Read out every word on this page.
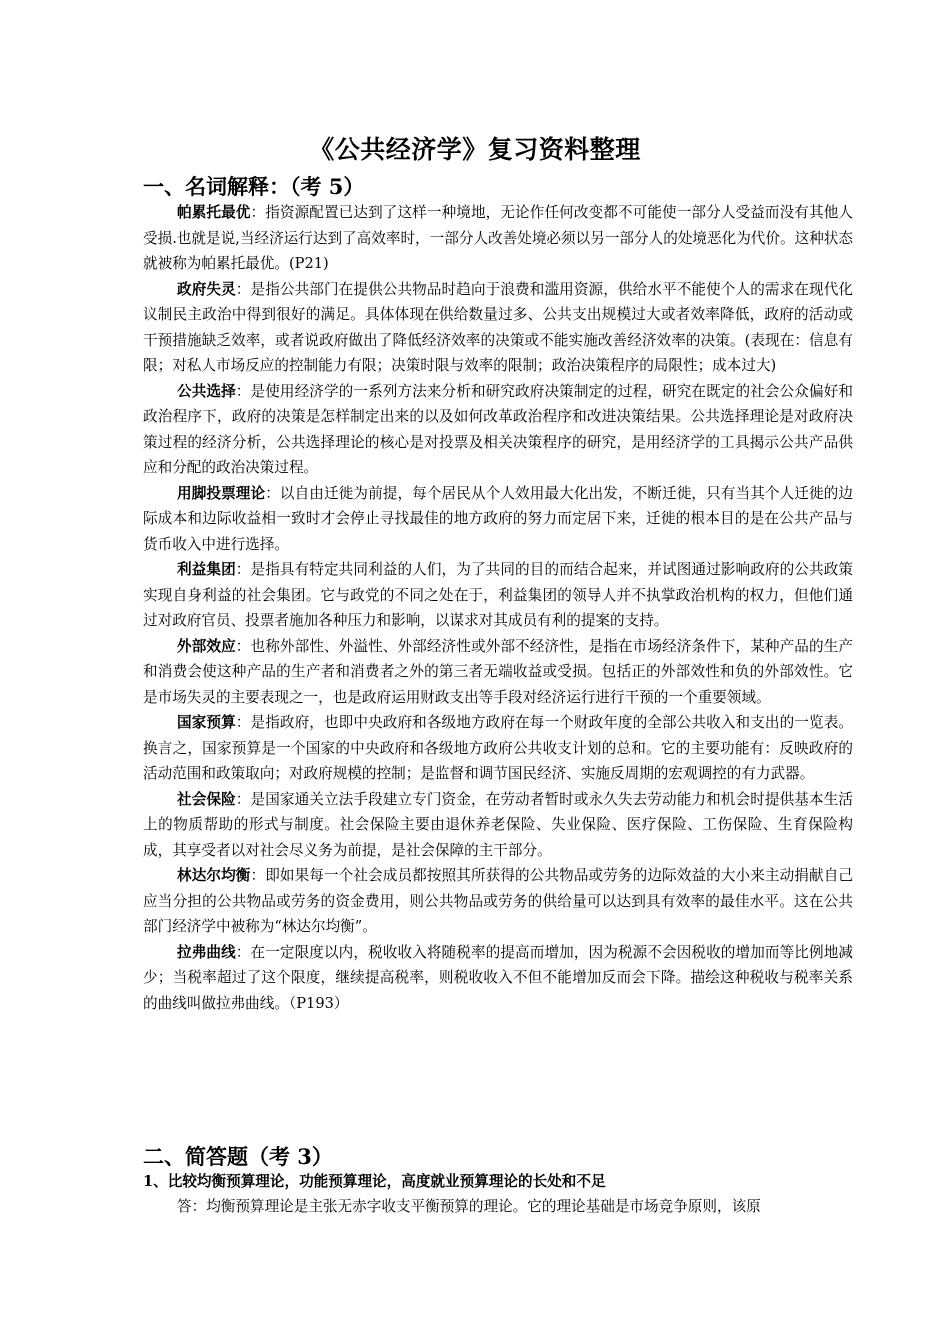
《公共经济学》复习资料整理
一、名词解释：（考 5）

帕累托最优：指资源配置已达到了这样一种境地，无论作任何改变都不可能使一部分人受益而没有其他人受损.也就是说,当经济运行达到了高效率时，一部分人改善处境必须以另一部分人的处境恶化为代价。这种状态就被称为帕累托最优。(P21)

政府失灵：是指公共部门在提供公共物品时趋向于浪费和滥用资源，供给水平不能使个人的需求在现代化议制民主政治中得到很好的满足。具体体现在供给数量过多、公共支出规模过大或者效率降低，政府的活动或干预措施缺乏效率，或者说政府做出了降低经济效率的决策或不能实施改善经济效率的决策。(表现在：信息有限；对私人市场反应的控制能力有限；决策时限与效率的限制；政治决策程序的局限性；成本过大)

公共选择：是使用经济学的一系列方法来分析和研究政府决策制定的过程，研究在既定的社会公众偏好和政治程序下，政府的决策是怎样制定出来的以及如何改革政治程序和改进决策结果。公共选择理论是对政府决策过程的经济分析，公共选择理论的核心是对投票及相关决策程序的研究，是用经济学的工具揭示公共产品供应和分配的政治决策过程。

用脚投票理论：以自由迁徙为前提，每个居民从个人效用最大化出发，不断迁徙，只有当其个人迁徙的边际成本和边际收益相一致时才会停止寻找最佳的地方政府的努力而定居下来，迁徙的根本目的是在公共产品与货币收入中进行选择。

利益集团：是指具有特定共同利益的人们，为了共同的目的而结合起来，并试图通过影响政府的公共政策实现自身利益的社会集团。它与政党的不同之处在于，利益集团的领导人并不执掌政治机构的权力，但他们通过对政府官员、投票者施加各种压力和影响，以谋求对其成员有利的提案的支持。

外部效应：也称外部性、外溢性、外部经济性或外部不经济性，是指在市场经济条件下，某种产品的生产和消费会使这种产品的生产者和消费者之外的第三者无端收益或受损。包括正的外部效性和负的外部效性。它是市场失灵的主要表现之一，也是政府运用财政支出等手段对经济运行进行干预的一个重要领域。

国家预算：是指政府，也即中央政府和各级地方政府在每一个财政年度的全部公共收入和支出的一览表。换言之，国家预算是一个国家的中央政府和各级地方政府公共收支计划的总和。它的主要功能有：反映政府的活动范围和政策取向；对政府规模的控制；是监督和调节国民经济、实施反周期的宏观调控的有力武器。

社会保险：是国家通关立法手段建立专门资金，在劳动者暂时或永久失去劳动能力和机会时提供基本生活上的物质帮助的形式与制度。社会保险主要由退休养老保险、失业保险、医疗保险、工伤保险、生育保险构成，其享受者以对社会尽义务为前提，是社会保障的主干部分。

林达尔均衡：即如果每一个社会成员都按照其所获得的公共物品或劳务的边际效益的大小来主动捐献自己应当分担的公共物品或劳务的资金费用，则公共物品或劳务的供给量可以达到具有效率的最佳水平。这在公共部门经济学中被称为“林达尔均衡”。

拉弗曲线：在一定限度以内，税收收入将随税率的提高而增加，因为税源不会因税收的增加而等比例地减少；当税率超过了这个限度，继续提高税率，则税收收入不但不能增加反而会下降。描绘这种税收与税率关系的曲线叫做拉弗曲线。（P193）

二、简答题（考 3）

1、比较均衡预算理论，功能预算理论，高度就业预算理论的长处和不足

答：均衡预算理论是主张无赤字收支平衡预算的理论。它的理论基础是市场竞争原则，该原
